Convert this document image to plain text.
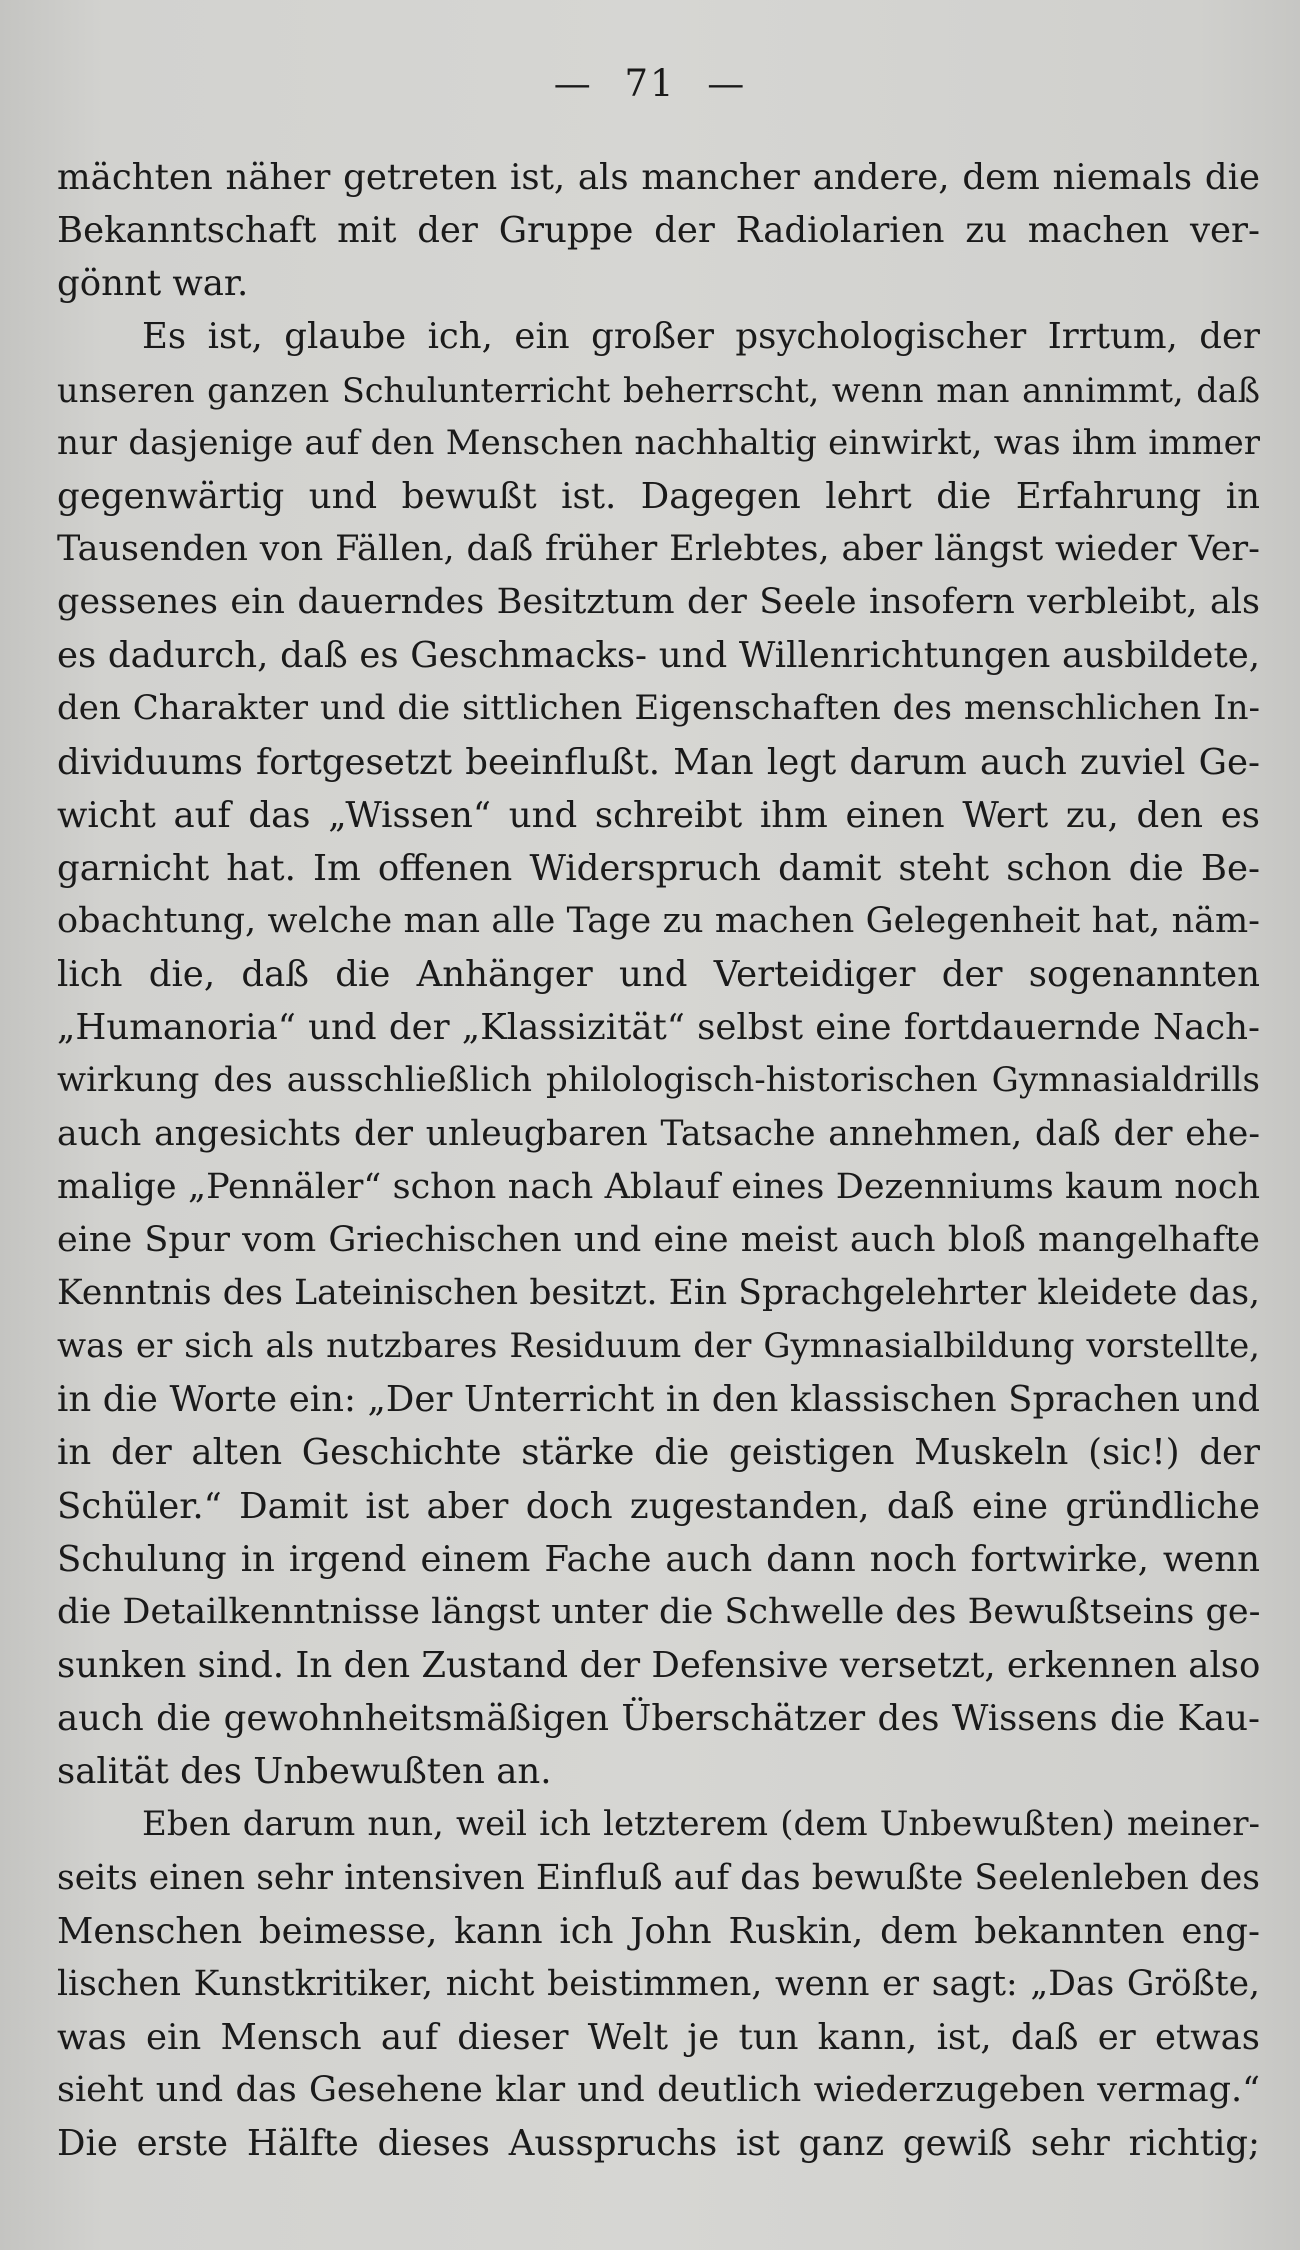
— 71 —
mächten näher getreten ist, als mancher andere, dem niemals die
Bekanntschaft mit der Gruppe der Radiolarien zu machen ver-
gönnt war.
Es ist, glaube ich, ein großer psychologischer Irrtum, der
unseren ganzen Schulunterricht beherrscht, wenn man annimmt, daß
nur dasjenige auf den Menschen nachhaltig einwirkt, was ihm immer
gegenwärtig und bewußt ist. Dagegen lehrt die Erfahrung in
Tausenden von Fällen, daß früher Erlebtes, aber längst wieder Ver-
gessenes ein dauerndes Besitztum der Seele insofern verbleibt, als
es dadurch, daß es Geschmacks- und Willenrichtungen ausbildete,
den Charakter und die sittlichen Eigenschaften des menschlichen In-
dividuums fortgesetzt beeinflußt. Man legt darum auch zuviel Ge-
wicht auf das „Wissen“ und schreibt ihm einen Wert zu, den es
garnicht hat. Im offenen Widerspruch damit steht schon die Be-
obachtung, welche man alle Tage zu machen Gelegenheit hat, näm-
lich die, daß die Anhänger und Verteidiger der sogenannten
„Humanoria“ und der „Klassizität“ selbst eine fortdauernde Nach-
wirkung des ausschließlich philologisch-historischen Gymnasialdrills
auch angesichts der unleugbaren Tatsache annehmen, daß der ehe-
malige „Pennäler“ schon nach Ablauf eines Dezenniums kaum noch
eine Spur vom Griechischen und eine meist auch bloß mangelhafte
Kenntnis des Lateinischen besitzt. Ein Sprachgelehrter kleidete das,
was er sich als nutzbares Residuum der Gymnasialbildung vorstellte,
in die Worte ein: „Der Unterricht in den klassischen Sprachen und
in der alten Geschichte stärke die geistigen Muskeln (sic!) der
Schüler.“ Damit ist aber doch zugestanden, daß eine gründliche
Schulung in irgend einem Fache auch dann noch fortwirke, wenn
die Detailkenntnisse längst unter die Schwelle des Bewußtseins ge-
sunken sind. In den Zustand der Defensive versetzt, erkennen also
auch die gewohnheitsmäßigen Überschätzer des Wissens die Kau-
salität des Unbewußten an.
Eben darum nun, weil ich letzterem (dem Unbewußten) meiner-
seits einen sehr intensiven Einfluß auf das bewußte Seelenleben des
Menschen beimesse, kann ich John Ruskin, dem bekannten eng-
lischen Kunstkritiker, nicht beistimmen, wenn er sagt: „Das Größte,
was ein Mensch auf dieser Welt je tun kann, ist, daß er etwas
sieht und das Gesehene klar und deutlich wiederzugeben vermag.“
Die erste Hälfte dieses Ausspruchs ist ganz gewiß sehr richtig;
